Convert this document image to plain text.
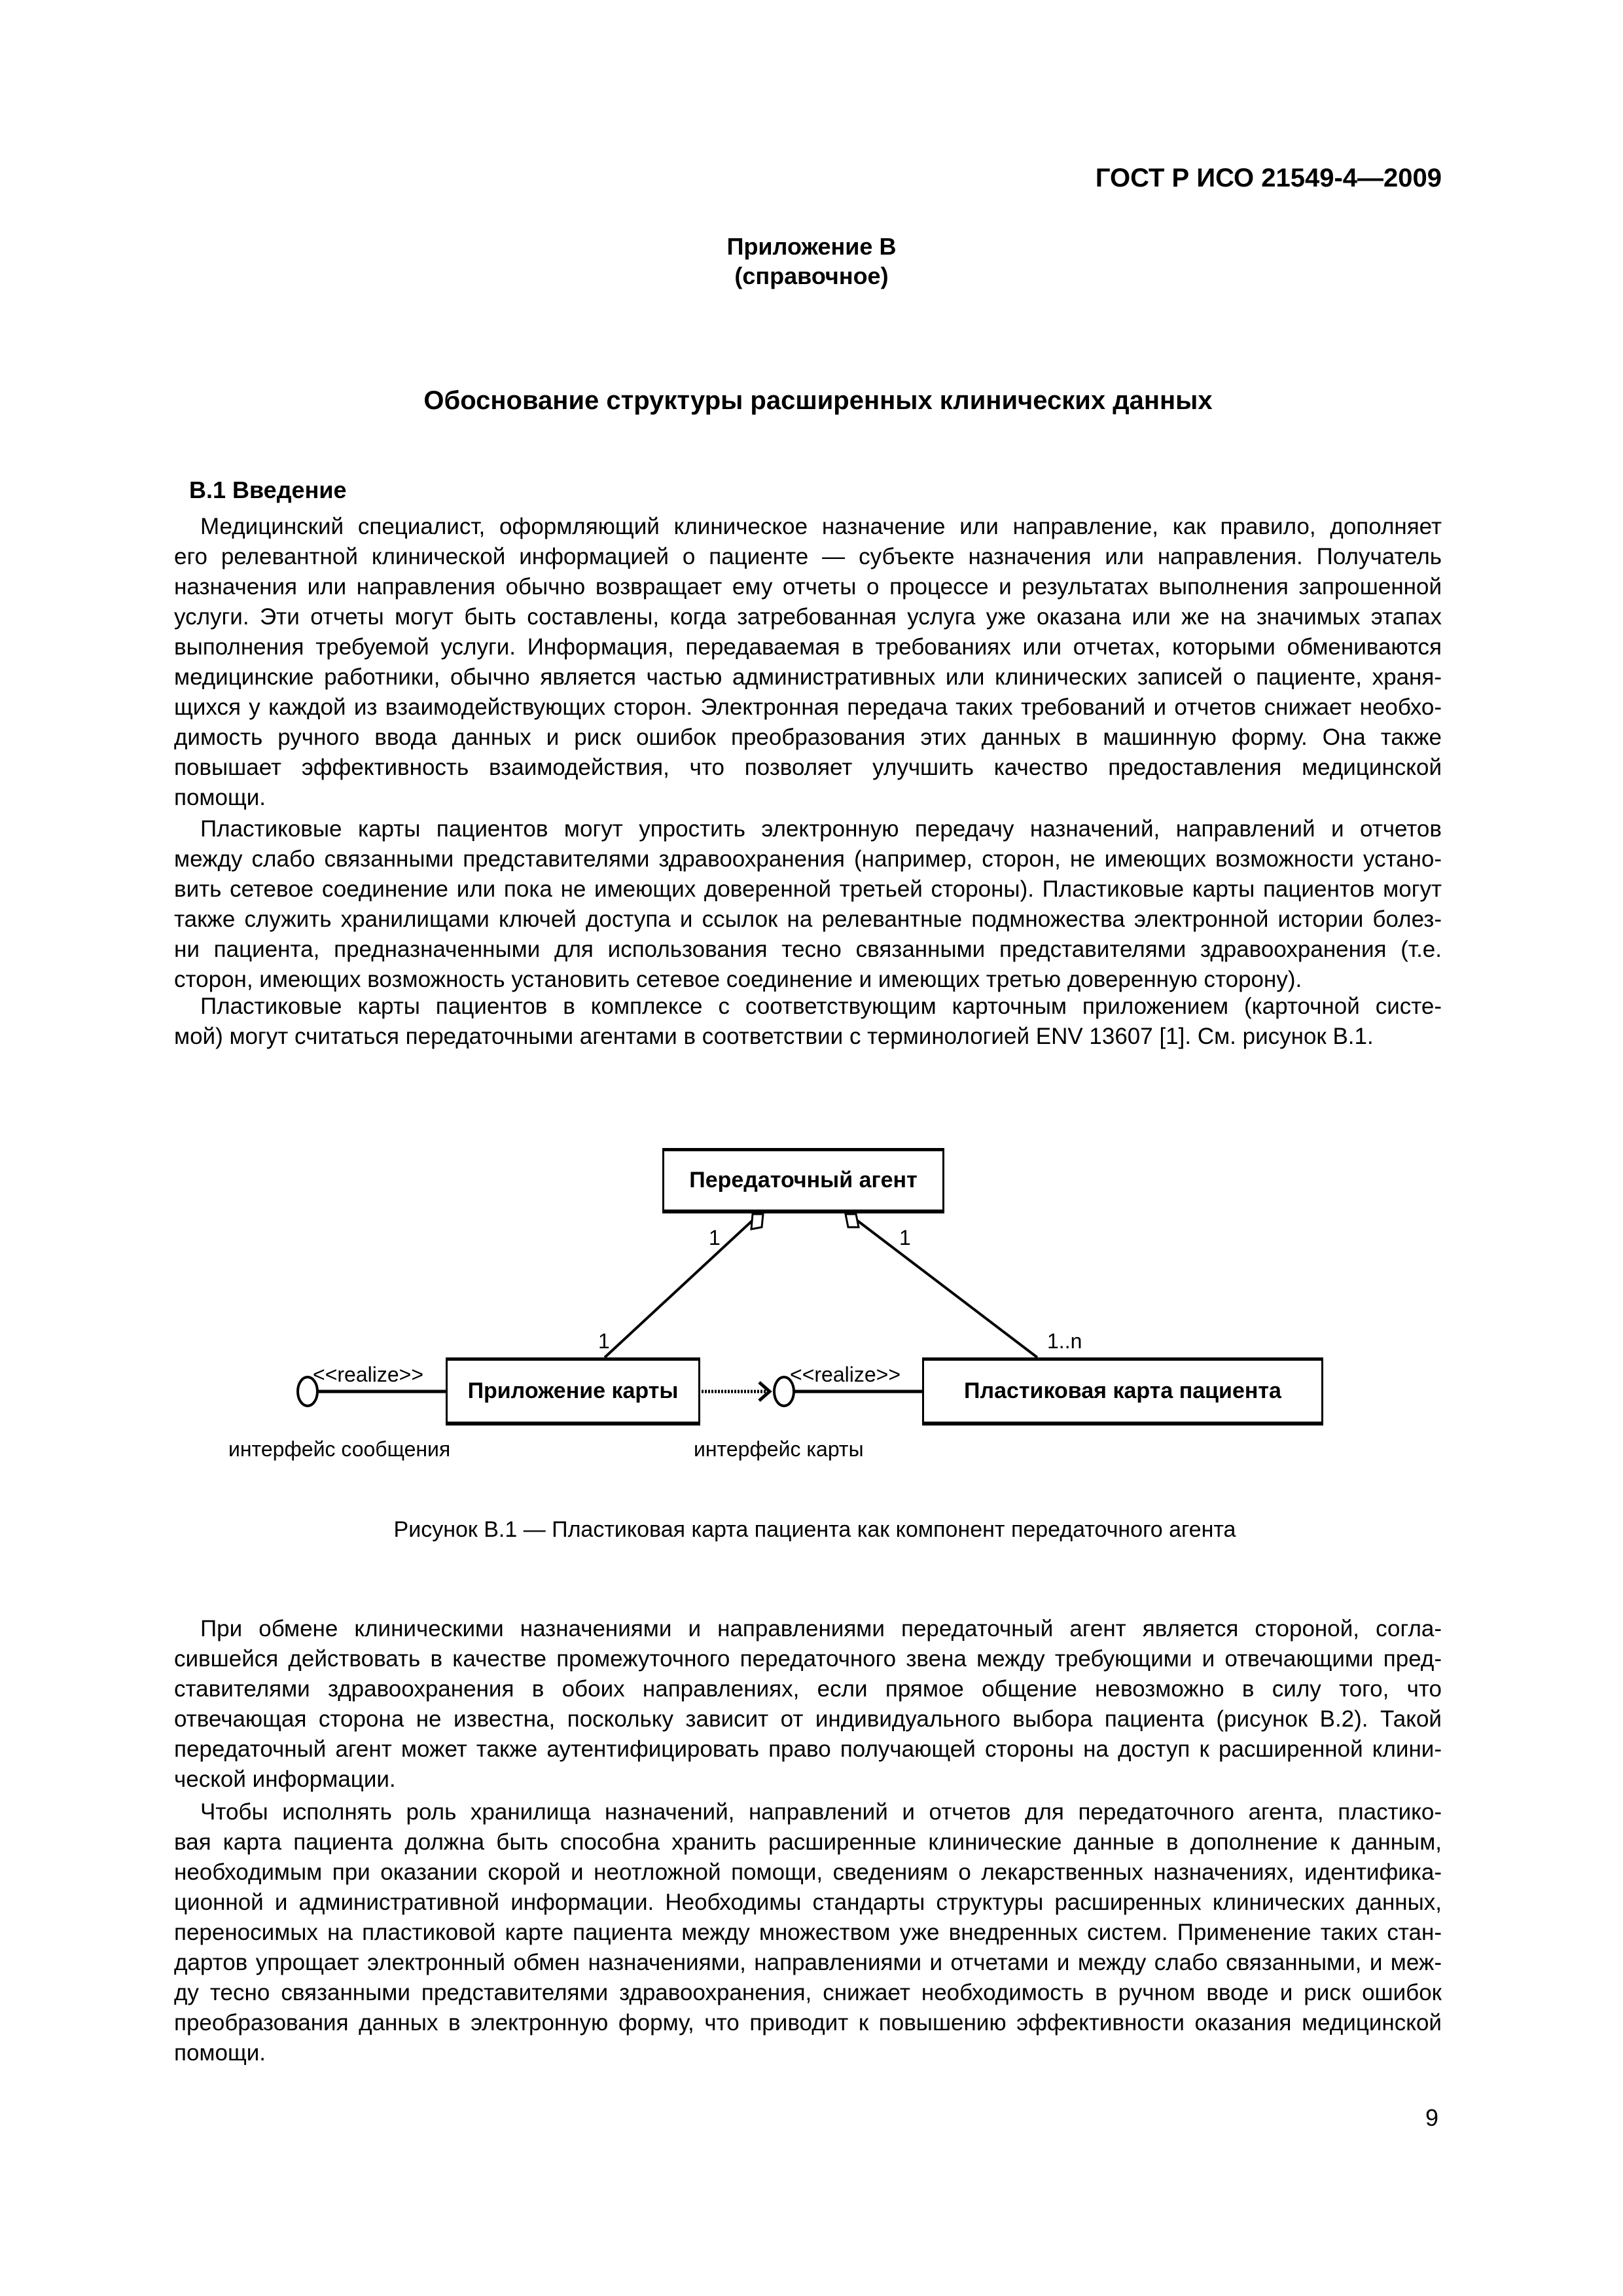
ГОСТ Р ИСО 21549-4—2009
Приложение В
(справочное)
Обоснование структуры расширенных клинических данных
В.1 Введение
Медицинский специалист, оформляющий клиническое назначение или направление, как правило, дополняет
его релевантной клинической информацией о пациенте — субъекте назначения или направления. Получатель
назначения или направления обычно возвращает ему отчеты о процессе и результатах выполнения запрошенной
услуги. Эти отчеты могут быть составлены, когда затребованная услуга уже оказана или же на значимых этапах
выполнения требуемой услуги. Информация, передаваемая в требованиях или отчетах, которыми обмениваются
медицинские работники, обычно является частью административных или клинических записей о пациенте, храня-
щихся у каждой из взаимодействующих сторон. Электронная передача таких требований и отчетов снижает необхо-
димость ручного ввода данных и риск ошибок преобразования этих данных в машинную форму. Она также
повышает эффективность взаимодействия, что позволяет улучшить качество предоставления медицинской
помощи.
Пластиковые карты пациентов могут упростить электронную передачу назначений, направлений и отчетов
между слабо связанными представителями здравоохранения (например, сторон, не имеющих возможности устано-
вить сетевое соединение или пока не имеющих доверенной третьей стороны). Пластиковые карты пациентов могут
также служить хранилищами ключей доступа и ссылок на релевантные подмножества электронной истории болез-
ни пациента, предназначенными для использования тесно связанными представителями здравоохранения (т.е.
сторон, имеющих возможность установить сетевое соединение и имеющих третью доверенную сторону).
Пластиковые карты пациентов в комплексе с соответствующим карточным приложением (карточной систе-
мой) могут считаться передаточными агентами в соответствии с терминологией ENV 13607 [1]. См. рисунок В.1.
Передаточный агент
Приложение карты	Пластиковая карта пациента
1	1
1	1..n
<<realize>>	<<realize>>
интерфейс сообщения	интерфейс карты
Рисунок В.1 — Пластиковая карта пациента как компонент передаточного агента
При обмене клиническими назначениями и направлениями передаточный агент является стороной, согла-
сившейся действовать в качестве промежуточного передаточного звена между требующими и отвечающими пред-
ставителями здравоохранения в обоих направлениях, если прямое общение невозможно в силу того, что
отвечающая сторона не известна, поскольку зависит от индивидуального выбора пациента (рисунок В.2). Такой
передаточный агент может также аутентифицировать право получающей стороны на доступ к расширенной клини-
ческой информации.
Чтобы исполнять роль хранилища назначений, направлений и отчетов для передаточного агента, пластико-
вая карта пациента должна быть способна хранить расширенные клинические данные в дополнение к данным,
необходимым при оказании скорой и неотложной помощи, сведениям о лекарственных назначениях, идентифика-
ционной и административной информации. Необходимы стандарты структуры расширенных клинических данных,
переносимых на пластиковой карте пациента между множеством уже внедренных систем. Применение таких стан-
дартов упрощает электронный обмен назначениями, направлениями и отчетами и между слабо связанными, и меж-
ду тесно связанными представителями здравоохранения, снижает необходимость в ручном вводе и риск ошибок
преобразования данных в электронную форму, что приводит к повышению эффективности оказания медицинской
помощи.
9
